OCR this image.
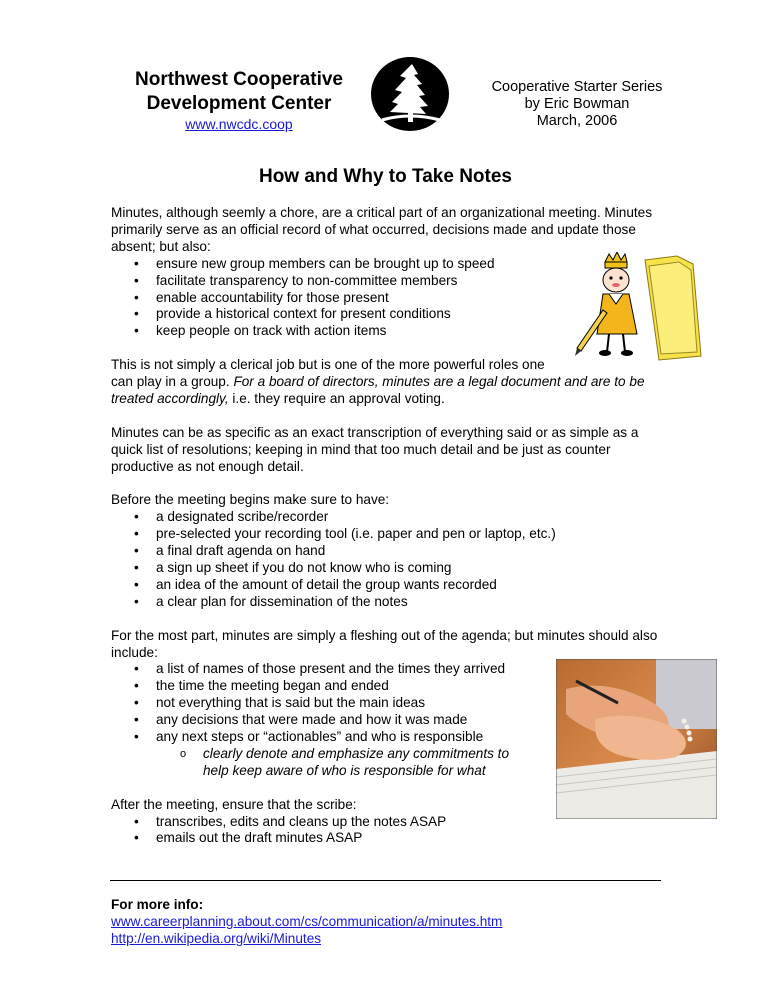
Northwest Cooperative
Development Center
www.nwcdc.coop
Cooperative Starter Series
by Eric Bowman
March, 2006
How and Why to Take Notes
Minutes, although seemly a chore, are a critical part of an organizational meeting. Minutes primarily serve as an official record of what occurred, decisions made and update those absent; but also:
• ensure new group members can be brought up to speed
• facilitate transparency to non-committee members
• enable accountability for those present
• provide a historical context for present conditions
• keep people on track with action items

This is not simply a clerical job but is one of the more powerful roles one
can play in a group. For a board of directors, minutes are a legal document and are to be treated accordingly, i.e. they require an approval voting.

Minutes can be as specific as an exact transcription of everything said or as simple as a quick list of resolutions; keeping in mind that too much detail and be just as counter productive as not enough detail.

Before the meeting begins make sure to have:
• a designated scribe/recorder
• pre-selected your recording tool (i.e. paper and pen or laptop, etc.)
• a final draft agenda on hand
• a sign up sheet if you do not know who is coming
• an idea of the amount of detail the group wants recorded
• a clear plan for dissemination of the notes
For the most part, minutes are simply a fleshing out of the agenda; but minutes should also include:
• a list of names of those present and the times they arrived
• the time the meeting began and ended
• not everything that is said but the main ideas
• any decisions that were made and how it was made
• any next steps or “actionables” and who is responsible
o clearly denote and emphasize any commitments to
help keep aware of who is responsible for what
After the meeting, ensure that the scribe:
• transcribes, edits and cleans up the notes ASAP
• emails out the draft minutes ASAP
For more info:
www.careerplanning.about.com/cs/communication/a/minutes.htm
http://en.wikipedia.org/wiki/Minutes
